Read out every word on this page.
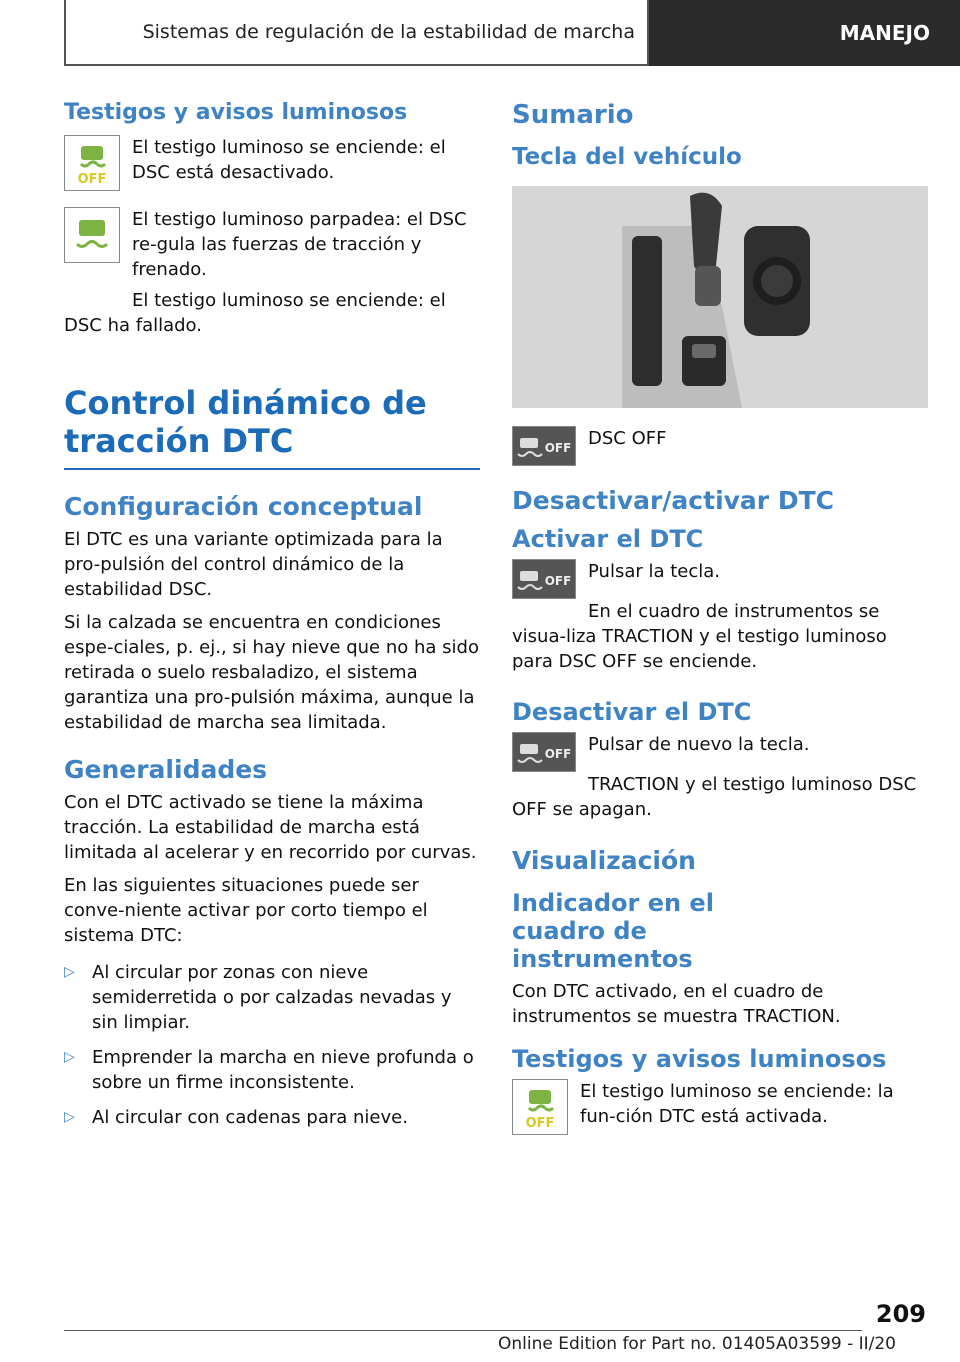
Sistemas de regulación de la estabilidad de marcha	MANEJO
Testigos y avisos luminosos
OFF

El testigo luminoso se enciende: el DSC está desactivado.

El testigo luminoso parpadea: el DSC re-gula las fuerzas de tracción y frenado.

El testigo luminoso se enciende: el DSC ha fallado.

Control dinámico de tracción DTC
Configuración conceptual

El DTC es una variante optimizada para la pro-pulsión del control dinámico de la estabilidad DSC.

Si la calzada se encuentra en condiciones espe-ciales, p. ej., si hay nieve que no ha sido retirada o suelo resbaladizo, el sistema garantiza una pro-pulsión máxima, aunque la estabilidad de marcha sea limitada.

Generalidades

Con el DTC activado se tiene la máxima tracción. La estabilidad de marcha está limitada al acelerar y en recorrido por curvas.

En las siguientes situaciones puede ser conve-niente activar por corto tiempo el sistema DTC:

▷ Al circular por zonas con nieve semiderretida o por calzadas nevadas y sin limpiar.
▷ Emprender la marcha en nieve profunda o sobre un firme inconsistente.
▷ Al circular con cadenas para nieve.
Sumario
Tecla del vehículo
OFF DSC OFF

Desactivar/activar DTC
Activar el DTC
OFF Pulsar la tecla.

En el cuadro de instrumentos se visua-liza TRACTION y el testigo luminoso para DSC OFF se enciende.

Desactivar el DTC
OFF Pulsar de nuevo la tecla.

TRACTION y el testigo luminoso DSC OFF se apagan.

Visualización
Indicador en el cuadro de instrumentos

Con DTC activado, en el cuadro de instrumentos se muestra TRACTION.

Testigos y avisos luminosos
OFF

El testigo luminoso se enciende: la fun-ción DTC está activada.

209
Online Edition for Part no. 01405A03599 - II/20
